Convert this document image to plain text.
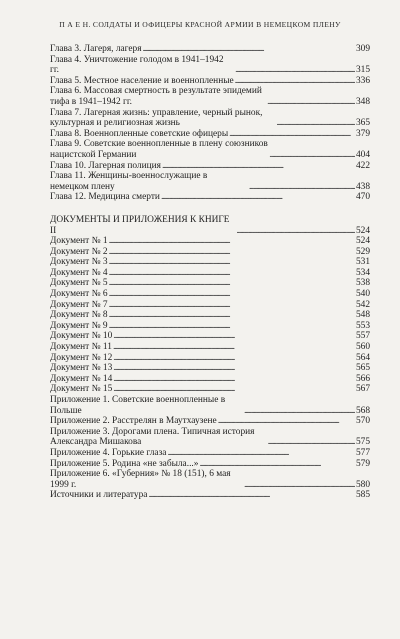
П А Е Н. СОЛДАТЫ И ОФИЦЕРЫ КРАСНОЙ АРМИИ В НЕМЕЦКОМ ПЛЕНУ
Глава 3. Лагеря, лагеря . . .	309
Глава 4. Уничтожение голодом в 1941–1942 гг. . . .	315
Глава 5. Местное население и военнопленные . . .	336
Глава 6. Массовая смертность в результате эпидемий тифа в 1941–1942 гг. . . .	348
Глава 7. Лагерная жизнь: управление, черный рынок, культурная и религиозная жизнь . . .	365
Глава 8. Военнопленные советские офицеры . . .	379
Глава 9. Советские военнопленные в плену союзников нацистской Германии . . .	404
Глава 10. Лагерная полиция . . .	422
Глава 11. Женщины-военнослужащие в немецком плену . . .	438
Глава 12. Медицина смерти . . .	470
ДОКУМЕНТЫ И ПРИЛОЖЕНИЯ К КНИГЕ II . . .	524
Документ № 1 . . .	524
Документ № 2 . . .	529
Документ № 3 . . .	531
Документ № 4 . . .	534
Документ № 5 . . .	538
Документ № 6 . . .	540
Документ № 7 . . .	542
Документ № 8 . . .	548
Документ № 9 . . .	553
Документ № 10 . . .	557
Документ № 11 . . .	560
Документ № 12 . . .	564
Документ № 13 . . .	565
Документ № 14 . . .	566
Документ № 15 . . .	567
Приложение 1. Советские военнопленные в Польше . . .	568
Приложение 2. Расстрелян в Маутхаузене . . .	570
Приложение 3. Дорогами плена. Типичная история Александра Мишакова . . .	575
Приложение 4. Горькие глаза . . .	577
Приложение 5. Родина «не забыла...» . . .	579
Приложение 6. «Губерния» № 18 (151), 6 мая 1999 г. . . .	580
Источники и литература . . .	585
